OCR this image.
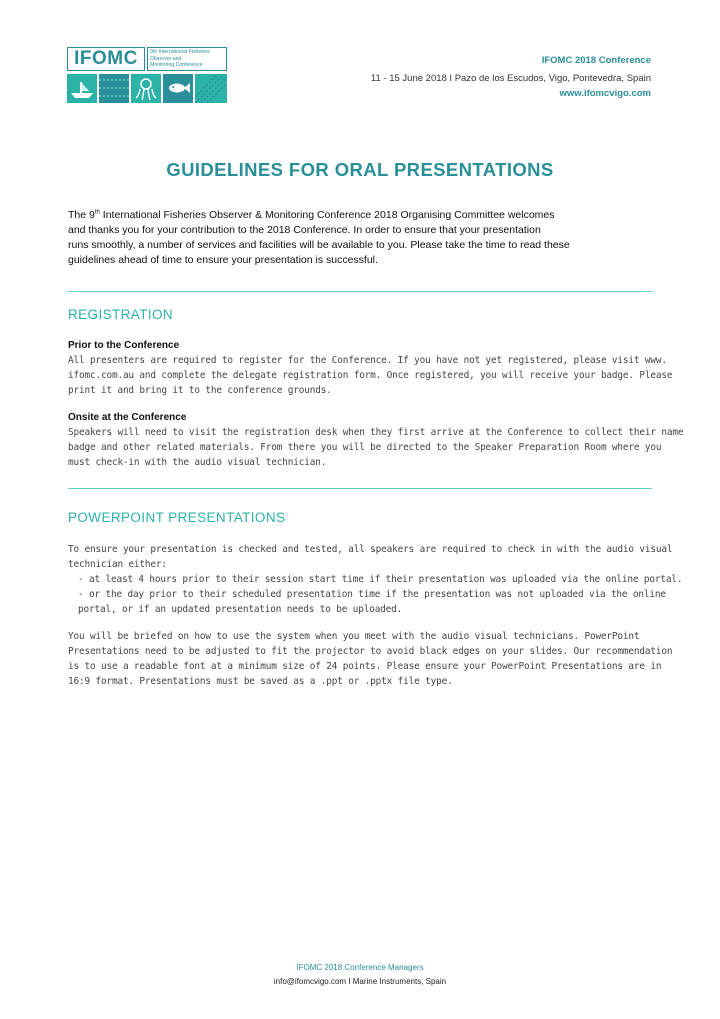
IFOMC	9th International Fisheries
Observer and
Monitoring Conference	IFOMC 2018 Conference
11 - 15 June 2018 I Pazo de los Escudos, Vigo, Pontevedra, Spain
www.ifomcvigo.com
GUIDELINES FOR ORAL PRESENTATIONS
The 9th International Fisheries Observer & Monitoring Conference 2018 Organising Committee welcomes
and thanks you for your contribution to the 2018 Conference. In order to ensure that your presentation
runs smoothly, a number of services and facilities will be available to you. Please take the time to read these
guidelines ahead of time to ensure your presentation is successful.
REGISTRATION
Prior to the Conference
All presenters are required to register for the Conference. If you have not yet registered, please visit www.
ifomc.com.au and complete the delegate registration form. Once registered, you will receive your badge. Please
print it and bring it to the conference grounds.
Onsite at the Conference
Speakers will need to visit the registration desk when they first arrive at the Conference to collect their name
badge and other related materials. From there you will be directed to the Speaker Preparation Room where you
must check-in with the audio visual technician.
POWERPOINT PRESENTATIONS
To ensure your presentation is checked and tested, all speakers are required to check in with the audio visual
technician either:
- at least 4 hours prior to their session start time if their presentation was uploaded via the online portal.
- or the day prior to their scheduled presentation time if the presentation was not uploaded via the online
portal, or if an updated presentation needs to be uploaded.
You will be briefed on how to use the system when you meet with the audio visual technicians. PowerPoint
Presentations need to be adjusted to fit the projector to avoid black edges on your slides. Our recommendation
is to use a readable font at a minimum size of 24 points. Please ensure your PowerPoint Presentations are in
16:9 format. Presentations must be saved as a .ppt or .pptx file type.
IFOMC 2018 Conference Managers
info@ifomcvigo.com I Marine Instruments, Spain
